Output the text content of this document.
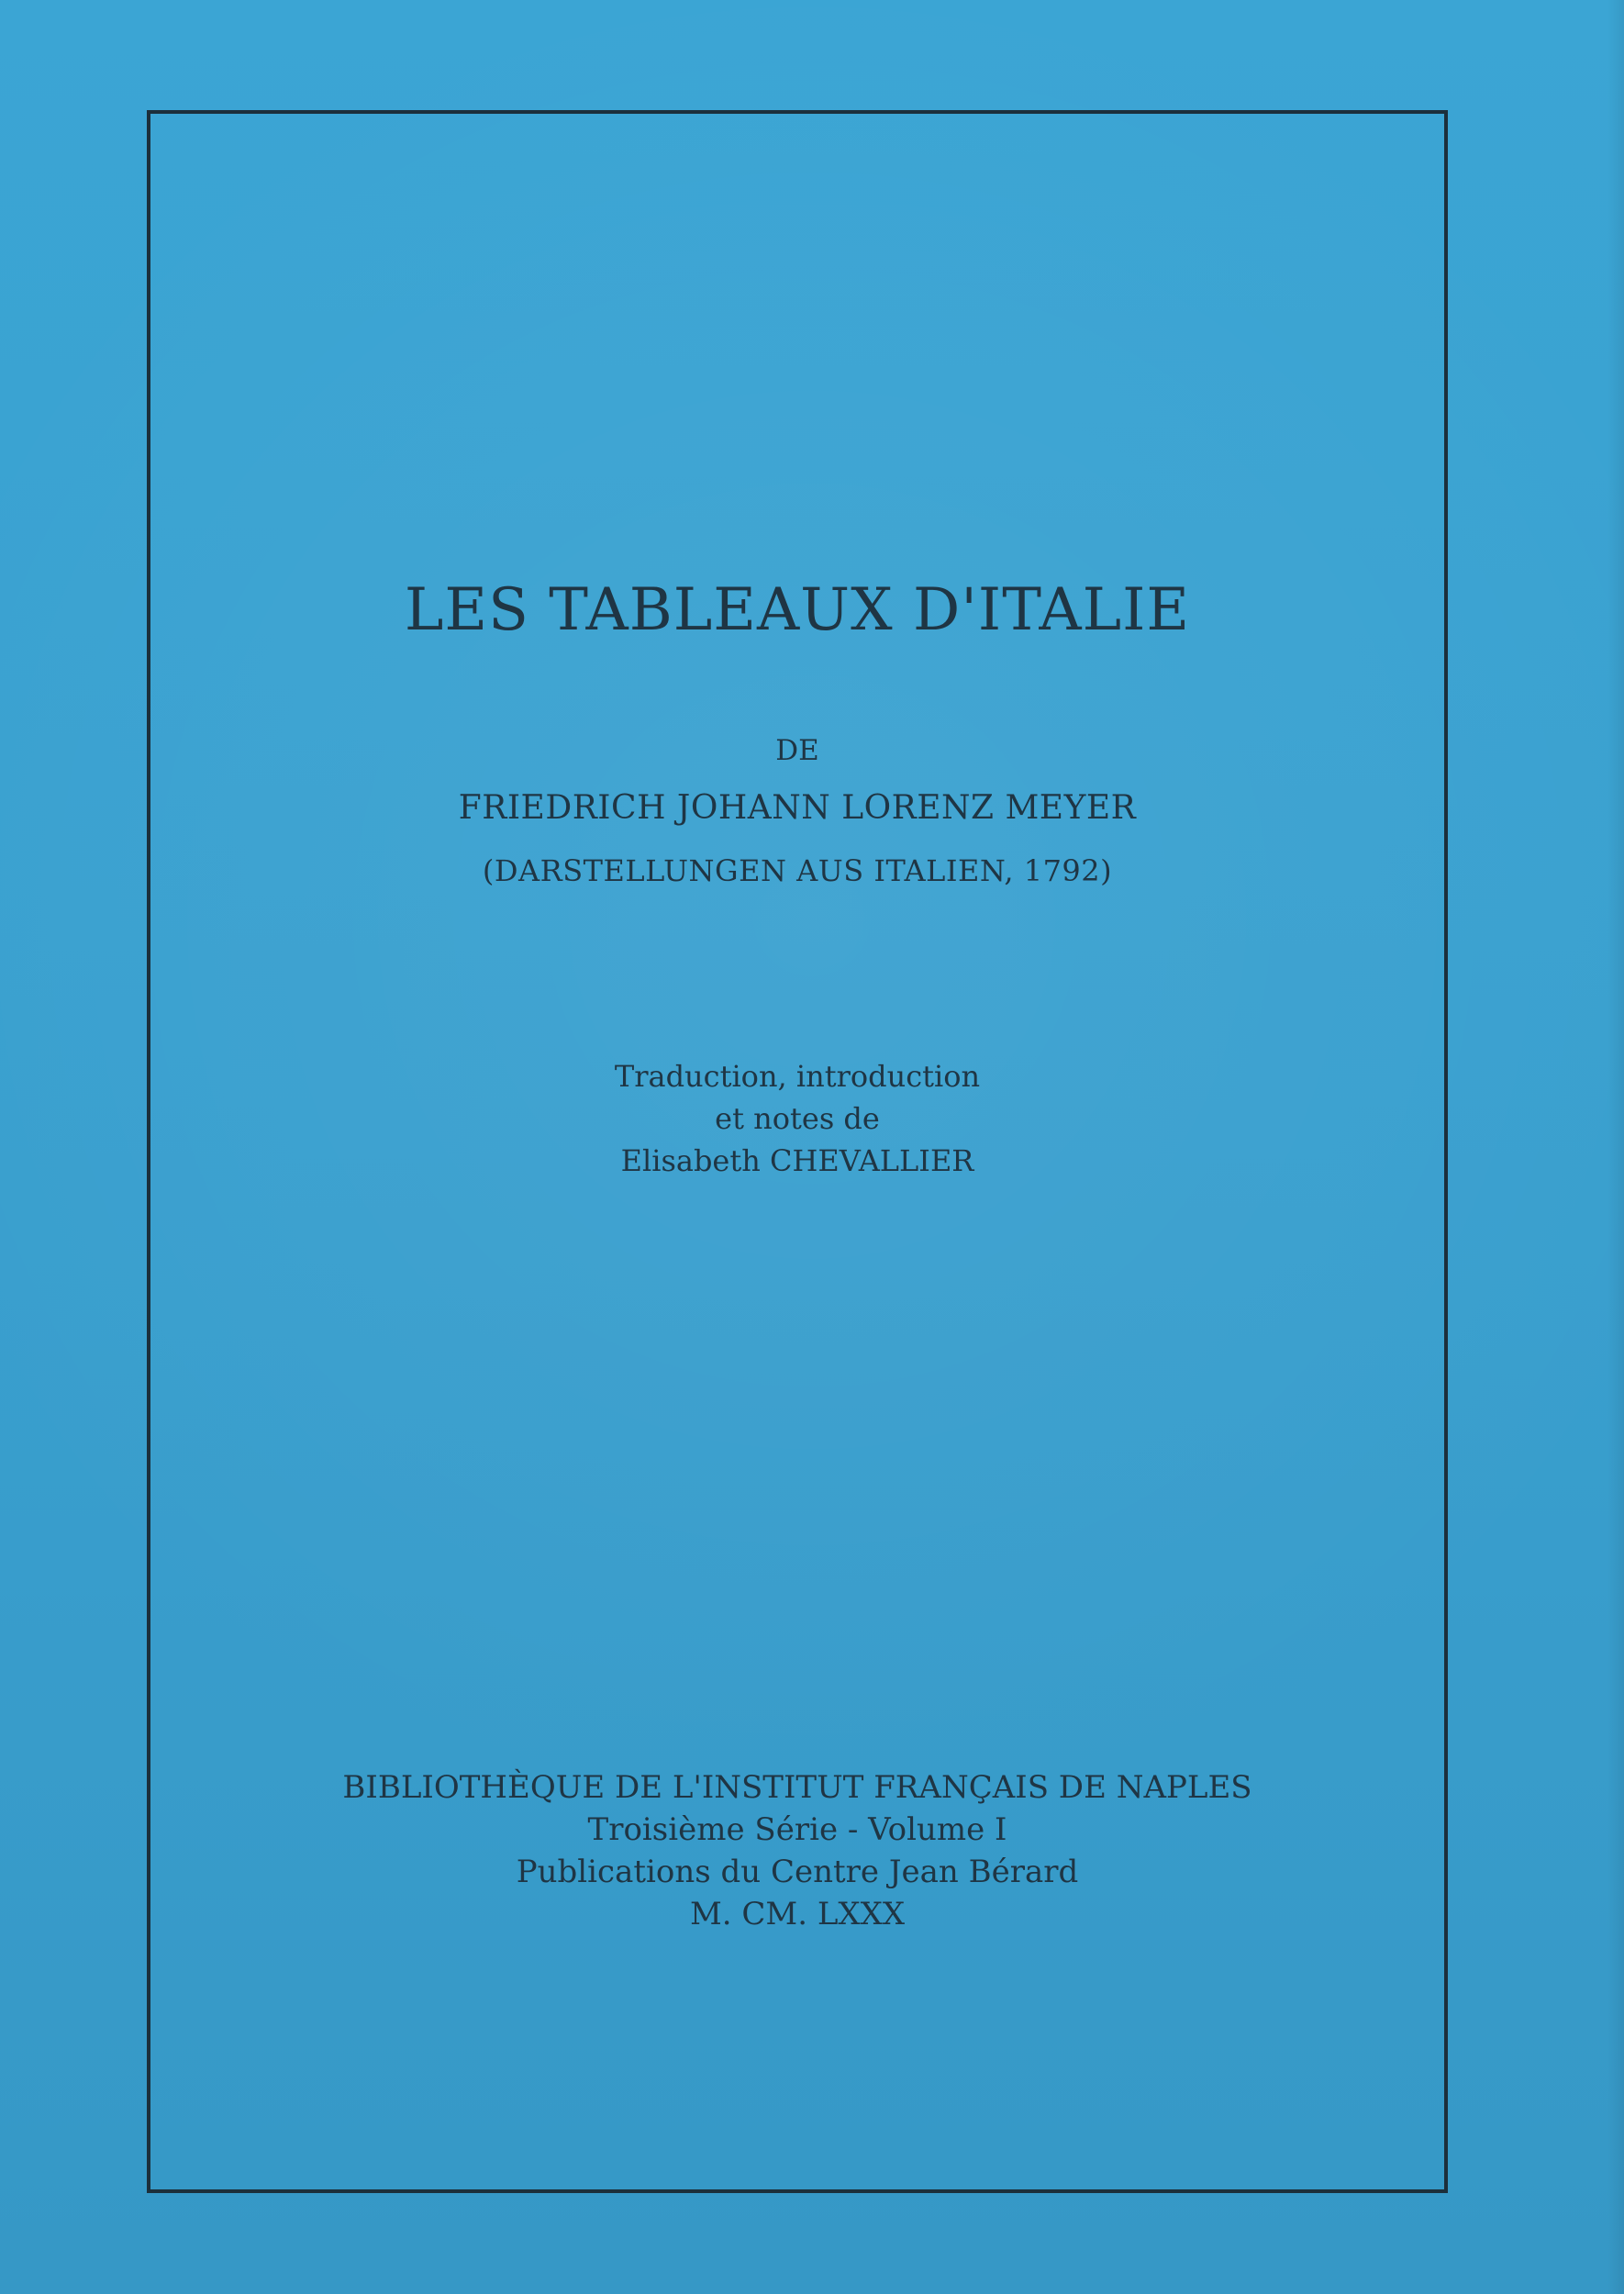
LES TABLEAUX D'ITALIE
DE
FRIEDRICH JOHANN LORENZ MEYER
(DARSTELLUNGEN AUS ITALIEN, 1792)
Traduction, introduction
et notes de
Elisabeth CHEVALLIER
BIBLIOTHÈQUE DE L'INSTITUT FRANÇAIS DE NAPLES
Troisième Série - Volume I
Publications du Centre Jean Bérard
M. CM. LXXX
